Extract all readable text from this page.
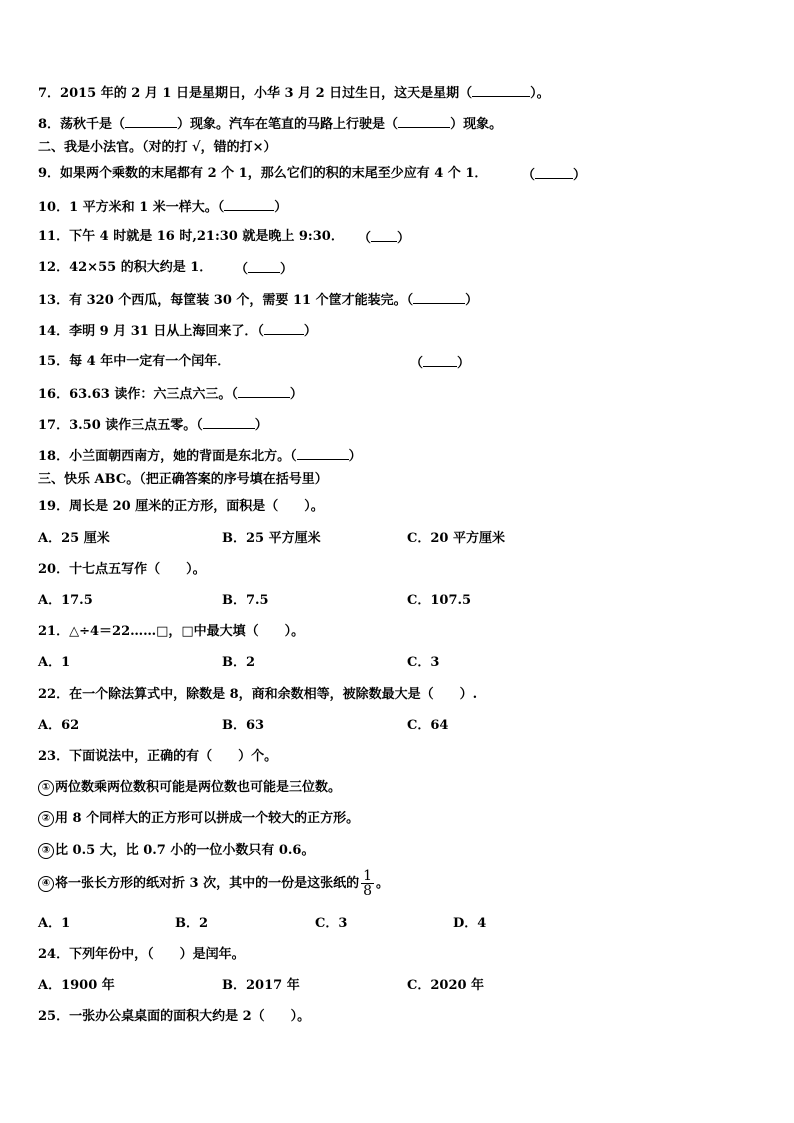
7．2015 年的 2 月 1 日是星期日，小华 3 月 2 日过生日，这天是星期（	）。
8．荡秋千是（	）现象。汽车在笔直的马路上行驶是（	）现象。
二、我是小法官。（对的打 √，错的打×）
9．如果两个乘数的末尾都有 2 个 1，那么它们的积的末尾至少应有 4 个 1．	（	）
10．1 平方米和 1 米一样大。（	）
11．下午 4 时就是 16 时,21:30 就是晚上 9:30． （ ）
12．42×55 的积大约是 1． （ ）
13．有 320 个西瓜，每筐装 30 个，需要 11 个筐才能装完。（	）
14．李明 9 月 31 日从上海回来了．（	）
15．每 4 年中一定有一个闰年．	（	）
16．63.63 读作：六三点六三。（	）
17．3.50 读作三点五零。（	）
18．小兰面朝西南方，她的背面是东北方。（	）
三、快乐 ABC。（把正确答案的序号填在括号里）
19．周长是 20 厘米的正方形，面积是（　　）。
A．25 厘米	B．25 平方厘米	C．20 平方厘米
20．十七点五写作（　　）。
A．17.5	B．7.5	C．107.5
21．△÷4＝22……□，□中最大填（　　）。
A．1	B．2	C．3
22．在一个除法算式中，除数是 8，商和余数相等，被除数最大是（　　）.
A．62	B．63	C．64
23．下面说法中，正确的有（　　）个。
① 两位数乘两位数积可能是两位数也可能是三位数。
② 用 8 个同样大的正方形可以拼成一个较大的正方形。
③ 比 0.5 大，比 0.7 小的一位小数只有 0.6。
④ 将一张长方形的纸对折 3 次，其中的一份是这张纸的 $\frac{1}{8}$ 。
A．1	B．2	C．3	D．4
24．下列年份中，（　　）是闰年。
A．1900 年	B．2017 年	C．2020 年
25．一张办公桌桌面的面积大约是 2（　　）。
